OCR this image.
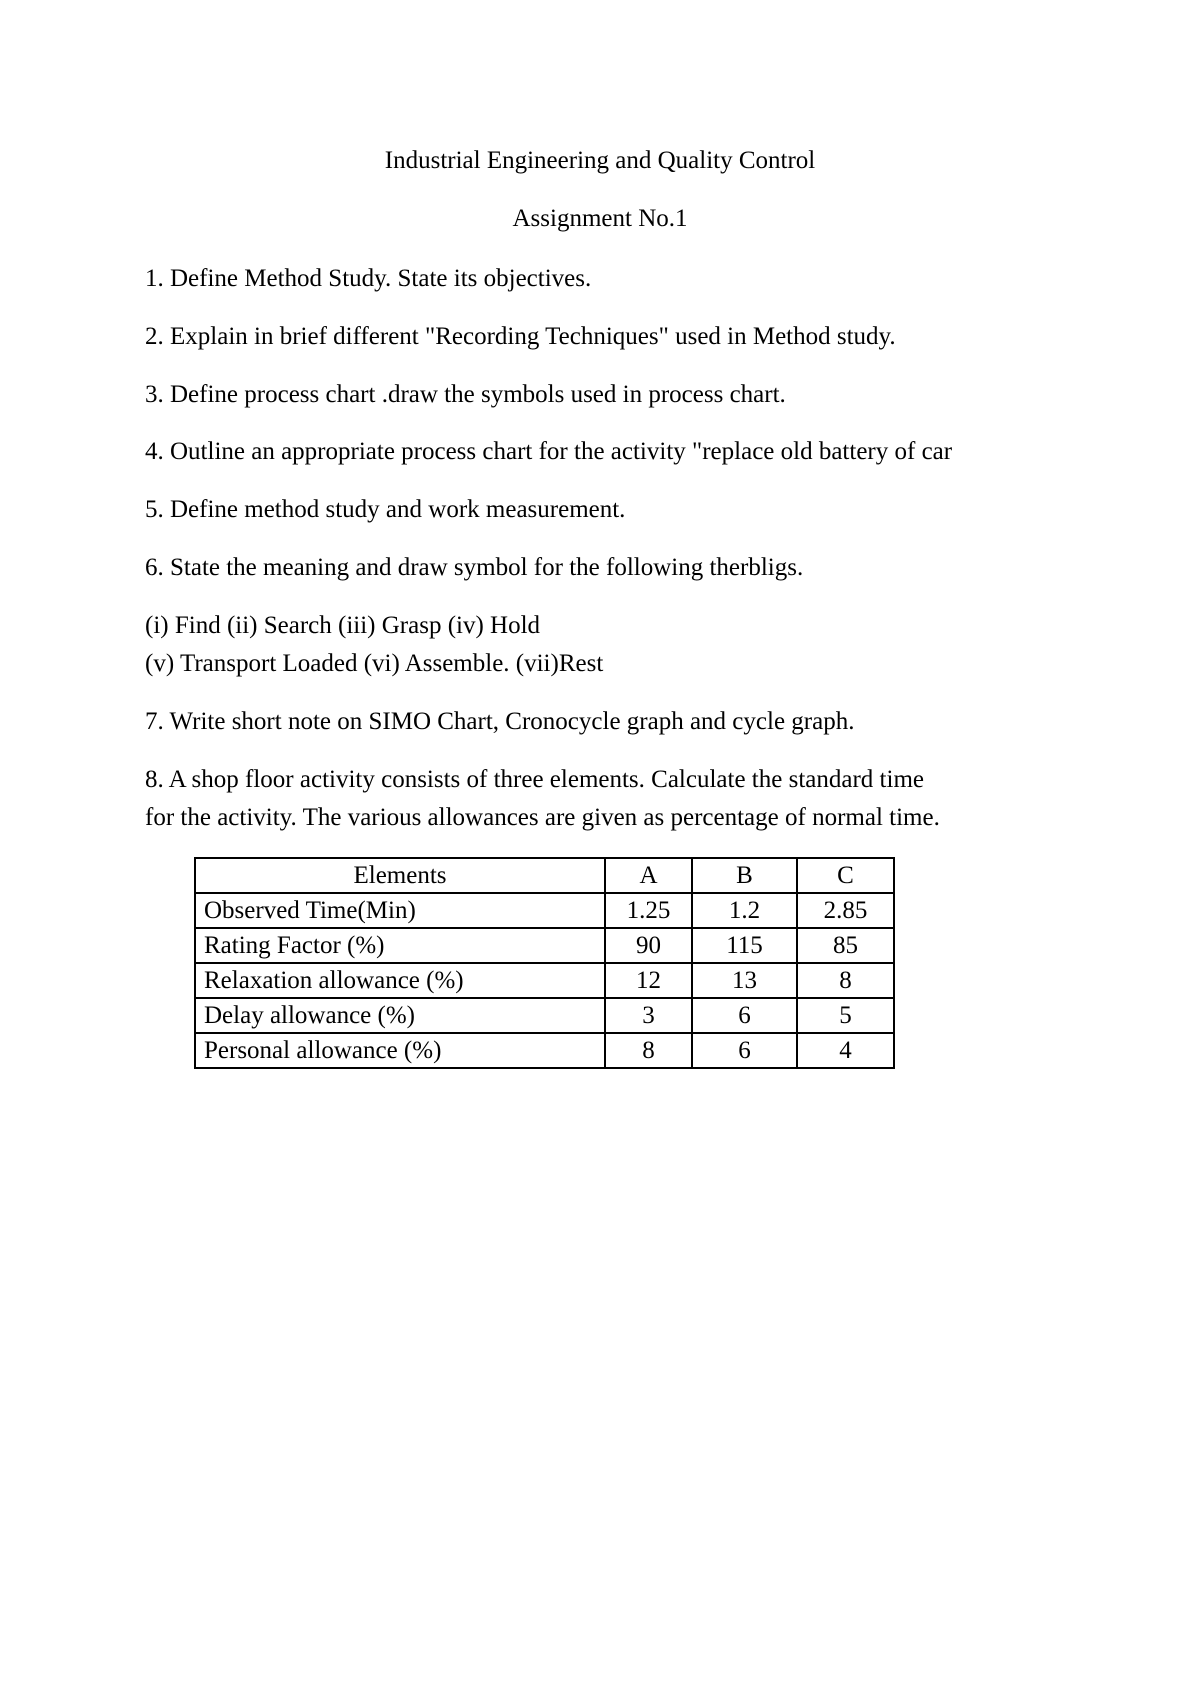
Industrial Engineering and Quality Control

Assignment No.1

1. Define Method Study. State its objectives.

2. Explain in brief different "Recording Techniques" used in Method study.

3. Define process chart .draw the symbols used in process chart.

4. Outline an appropriate process chart for the activity "replace old battery of car

5. Define method study and work measurement.

6. State the meaning and draw symbol for the following therbligs.

(i) Find (ii) Search (iii) Grasp (iv) Hold

(v) Transport Loaded (vi) Assemble. (vii)Rest

7. Write short note on SIMO Chart, Cronocycle graph and cycle graph.

8. A shop floor activity consists of three elements. Calculate the standard time

for the activity. The various allowances are given as percentage of normal time.

Elements	A	B	C
Observed Time(Min)	1.25	1.2	2.85
Rating Factor (%)	90	115	85
Relaxation allowance (%)	12	13	8
Delay allowance (%)	3	6	5
Personal allowance (%)	8	6	4
